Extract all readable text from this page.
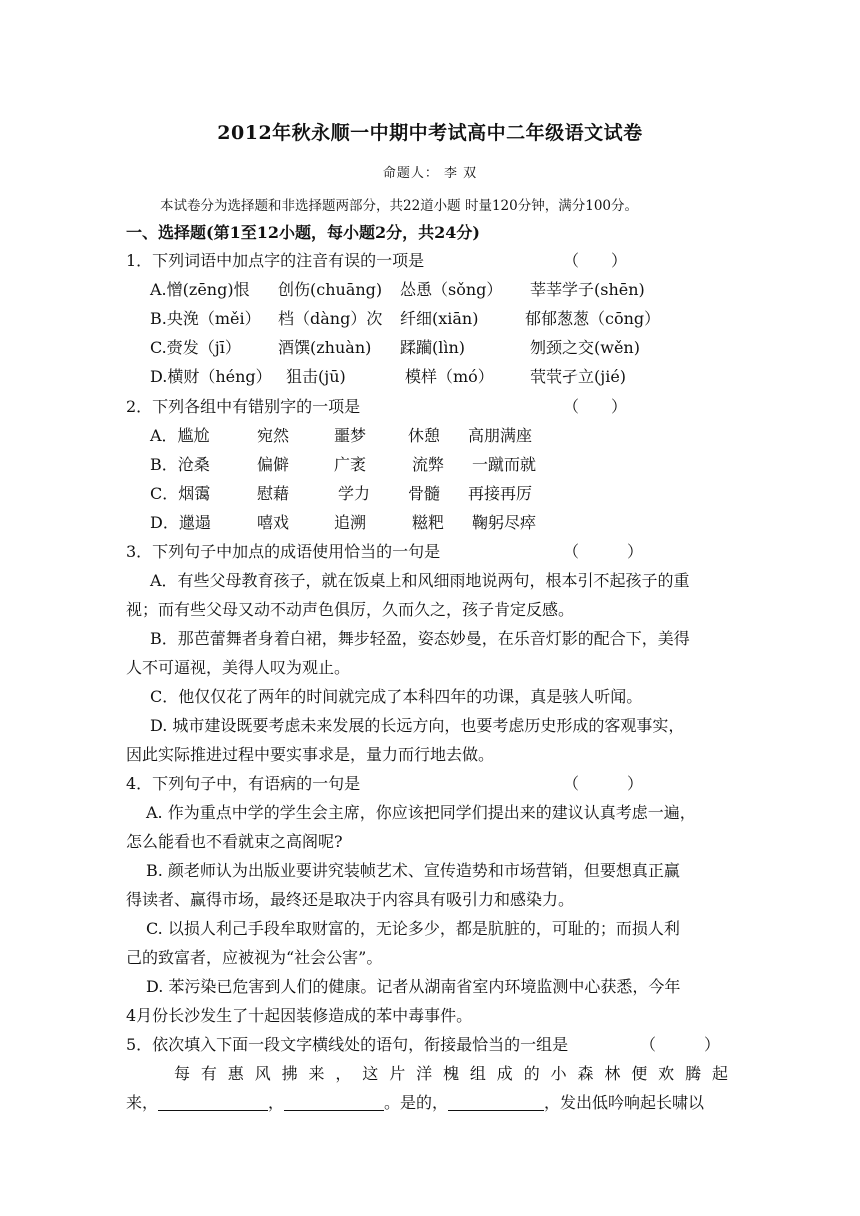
2012年秋永顺一中期中考试高中二年级语文试卷
命题人： 李 双
本试卷分为选择题和非选择题两部分，共22道小题 时量120分钟，满分100分。
一、选择题(第1至12小题，每小题2分，共24分)
1．下列词语中加点字的注音有误的一项是	（　　）
A.憎(zēng)恨 创伤(chuāng) 怂恿（sǒng） 莘莘学子(shēn)
B.央浼（měi） 档（dàng）次 纤细(xiān)	郁郁葱葱（cōng）
C.赍发（jī） 酒馔(zhuàn) 蹂躏(lìn)	刎颈之交(wěn)
D.横财（héng） 狙击(jū)	模样（mó） 茕茕孑立(jié)
2．下列各组中有错别字的一项是	（　　）
A．尴尬	宛然	噩梦	休憩 高朋满座
B．沧桑	偏僻	广袤	流弊 一蹴而就
C．烟霭	慰藉	学力 骨髓 再接再厉
D．邋遢	嘻戏	追溯	糍粑 鞠躬尽瘁
3．下列句子中加点的成语使用恰当的一句是	（　　　）
A．有些父母教育孩子，就在饭桌上和风细雨地说两句，根本引不起孩子的重
视；而有些父母又动不动声色俱厉，久而久之，孩子肯定反感。
B．那芭蕾舞者身着白裙，舞步轻盈，姿态妙曼，在乐音灯影的配合下，美得
人不可逼视，美得人叹为观止。
C．他仅仅花了两年的时间就完成了本科四年的功课，真是骇人听闻。
D. 城市建设既要考虑未来发展的长远方向，也要考虑历史形成的客观事实，
因此实际推进过程中要实事求是，量力而行地去做。
4．下列句子中，有语病的一句是	（　　　）
A. 作为重点中学的学生会主席，你应该把同学们提出来的建议认真考虑一遍，
怎么能看也不看就束之高阁呢?
B. 颜老师认为出版业要讲究装帧艺术、宣传造势和市场营销，但要想真正赢
得读者、赢得市场，最终还是取决于内容具有吸引力和感染力。
C. 以损人利己手段牟取财富的，无论多少，都是肮脏的，可耻的；而损人利
己的致富者，应被视为“社会公害”。
D. 苯污染已危害到人们的健康。记者从湖南省室内环境监测中心获悉，今年
4月份长沙发生了十起因装修造成的苯中毒事件。
5．依次填入下面一段文字横线处的语句，衔接最恰当的一组是	（　　　）
每有惠风拂来，这片洋槐组成的小森林便欢腾起
来，	，	。是的，	，发出低吟响起长啸以
